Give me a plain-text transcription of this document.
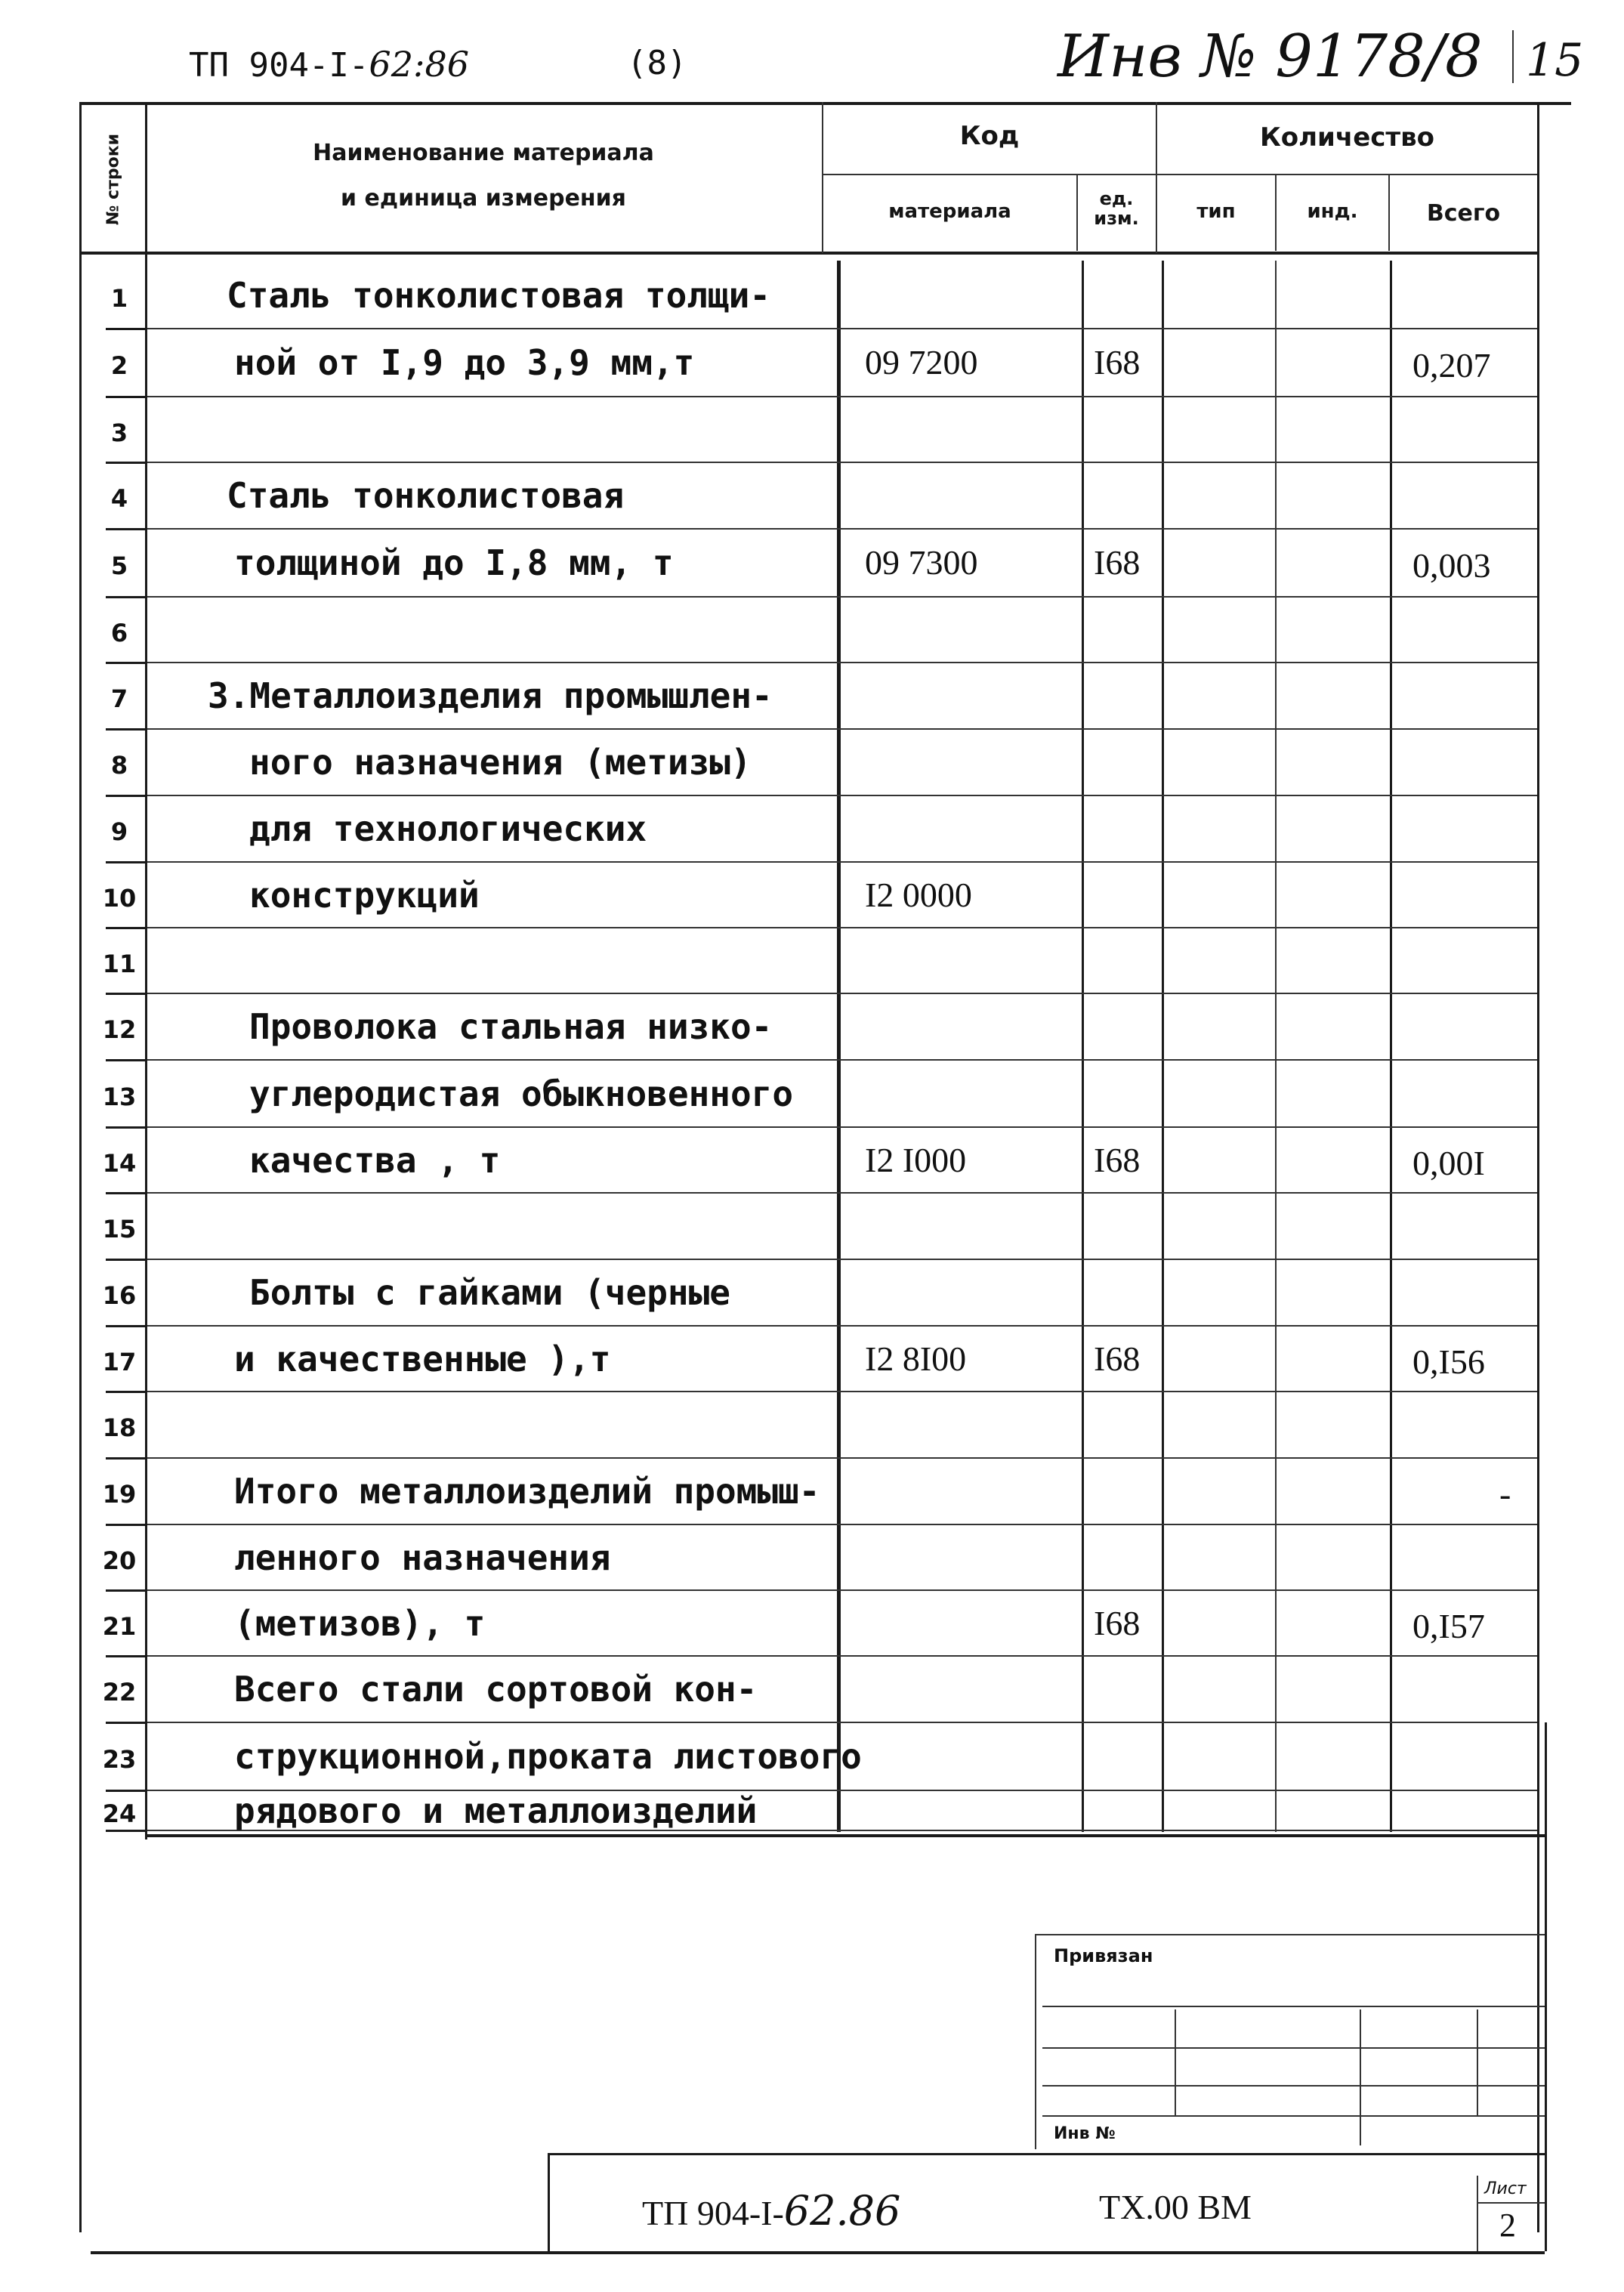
ТП 904-I-62:86	(8)	Инв № 9178/8 15
№ строки	Наименование материала
и единица измерения
Код	Количество
материала
ед. изм.	тип	инд.	Всего
1	Сталь тонколистовая толщи-
2	ной от I,9 до 3,9 мм,т	09 7200	I68	0,207
3
4	Сталь тонколистовая
5	толщиной до I,8 мм, т	09 7300	I68	0,003
6
7	3.Металлоизделия промышлен-
8	ного назначения (метизы)
9	для технологических
10	конструкций	I2 0000
11
12	Проволока стальная низко-
13	углеродистая обыкновенного
14	качества , т	I2 I000	I68	0,00I
15
16	Болты с гайками (черные
17	и качественные ),т	I2 8I00	I68	0,I56
18
19	Итого металлоизделий промыш-	-
20	ленного назначения
21	(метизов), т	I68	0,I57
22	Всего стали сортовой кон-
23	струкционной,проката листового
24	рядового и металлоизделий
Привязан
Инв №
ТП 904-I-62.86	ТХ.00 ВМ	Лист
2
